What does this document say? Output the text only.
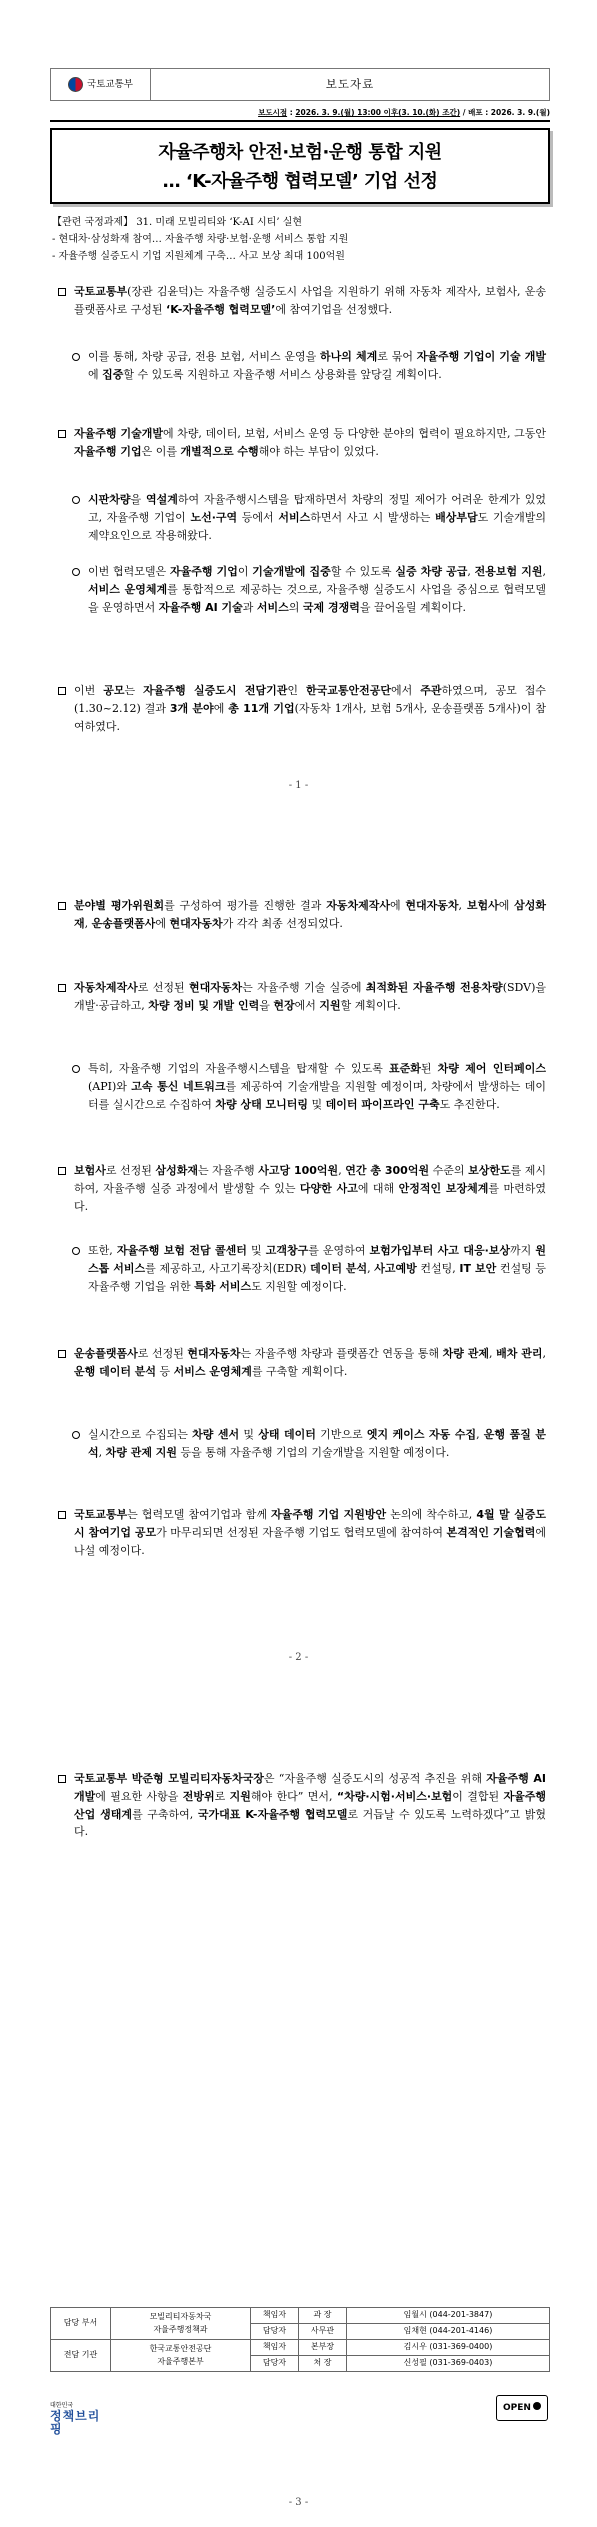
국토교통부	보도자료
보도시점 : 2026. 3. 9.(월) 13:00 이후(3. 10.(화) 조간) / 배포 : 2026. 3. 9.(월)
자율주행차 안전·보험·운행 통합 지원
… ‘K-자율주행 협력모델’ 기업 선정
【관련 국정과제】 31. 미래 모빌리티와 ‘K-AI 시티’ 실현
- 현대차·삼성화재 참여… 자율주행 차량·보험·운행 서비스 통합 지원
- 자율주행 실증도시 기업 지원체계 구축… 사고 보상 최대 100억원
국토교통부(장관 김윤덕)는 자율주행 실증도시 사업을 지원하기 위해 자동차 제작사, 보험사, 운송플랫폼사로 구성된 ‘K-자율주행 협력모델’에 참여기업을 선정했다.
이를 통해, 차량 공급, 전용 보험, 서비스 운영을 하나의 체계로 묶어 자율주행 기업이 기술 개발에 집중할 수 있도록 지원하고 자율주행 서비스 상용화를 앞당길 계획이다.
자율주행 기술개발에 차량, 데이터, 보험, 서비스 운영 등 다양한 분야의 협력이 필요하지만, 그동안 자율주행 기업은 이를 개별적으로 수행해야 하는 부담이 있었다.
시판차량을 역설계하여 자율주행시스템을 탑재하면서 차량의 정밀 제어가 어려운 한계가 있었고, 자율주행 기업이 노선·구역 등에서 서비스하면서 사고 시 발생하는 배상부담도 기술개발의 제약요인으로 작용해왔다.
이번 협력모델은 자율주행 기업이 기술개발에 집중할 수 있도록 실증 차량 공급, 전용보험 지원, 서비스 운영체계를 통합적으로 제공하는 것으로, 자율주행 실증도시 사업을 중심으로 협력모델을 운영하면서 자율주행 AI 기술과 서비스의 국제 경쟁력을 끌어올릴 계획이다.
이번 공모는 자율주행 실증도시 전담기관인 한국교통안전공단에서 주관하였으며, 공모 접수(1.30~2.12) 결과 3개 분야에 총 11개 기업(자동차 1개사, 보험 5개사, 운송플랫폼 5개사)이 참여하였다.
- 1 -
분야별 평가위원회를 구성하여 평가를 진행한 결과 자동차제작사에 현대자동차, 보험사에 삼성화재, 운송플랫폼사에 현대자동차가 각각 최종 선정되었다.
자동차제작사로 선정된 현대자동차는 자율주행 기술 실증에 최적화된 자율주행 전용차량(SDV)을 개발·공급하고, 차량 정비 및 개발 인력을 현장에서 지원할 계획이다.
특히, 자율주행 기업의 자율주행시스템을 탑재할 수 있도록 표준화된 차량 제어 인터페이스(API)와 고속 통신 네트워크를 제공하여 기술개발을 지원할 예정이며, 차량에서 발생하는 데이터를 실시간으로 수집하여 차량 상태 모니터링 및 데이터 파이프라인 구축도 추진한다.
보험사로 선정된 삼성화재는 자율주행 사고당 100억원, 연간 총 300억원 수준의 보상한도를 제시하여, 자율주행 실증 과정에서 발생할 수 있는 다양한 사고에 대해 안정적인 보장체계를 마련하였다.
또한, 자율주행 보험 전담 콜센터 및 고객창구를 운영하여 보험가입부터 사고 대응·보상까지 원스톱 서비스를 제공하고, 사고기록장치(EDR) 데이터 분석, 사고예방 컨설팅, IT 보안 컨설팅 등 자율주행 기업을 위한 특화 서비스도 지원할 예정이다.
운송플랫폼사로 선정된 현대자동차는 자율주행 차량과 플랫폼간 연동을 통해 차량 관제, 배차 관리, 운행 데이터 분석 등 서비스 운영체계를 구축할 계획이다.
실시간으로 수집되는 차량 센서 및 상태 데이터 기반으로 엣지 케이스 자동 수집, 운행 품질 분석, 차량 관제 지원 등을 통해 자율주행 기업의 기술개발을 지원할 예정이다.
국토교통부는 협력모델 참여기업과 함께 자율주행 기업 지원방안 논의에 착수하고, 4월 말 실증도시 참여기업 공모가 마무리되면 선정된 자율주행 기업도 협력모델에 참여하여 본격적인 기술협력에 나설 예정이다.
- 2 -
국토교통부 박준형 모빌리티자동차국장은 “자율주행 실증도시의 성공적 추진을 위해 자율주행 AI 개발에 필요한 사항을 전방위로 지원해야 한다” 면서, “차량·시험·서비스·보험이 결합된 자율주행 산업 생태계를 구축하여, 국가대표 K-자율주행 협력모델로 거듭날 수 있도록 노력하겠다”고 밝혔다.
담당 부서	모빌리티자동차국
자율주행정책과	책임자	과 장	임월시 (044-201-3847)
		담당자	사무관	임채현 (044-201-4146)
전담 기관	한국교통안전공단
자율주행본부	책임자	본부장	김시우 (031-369-0400)
		담당자	처 장	신성필 (031-369-0403)
대한민국
정책브리핑
OPEN
- 3 -
